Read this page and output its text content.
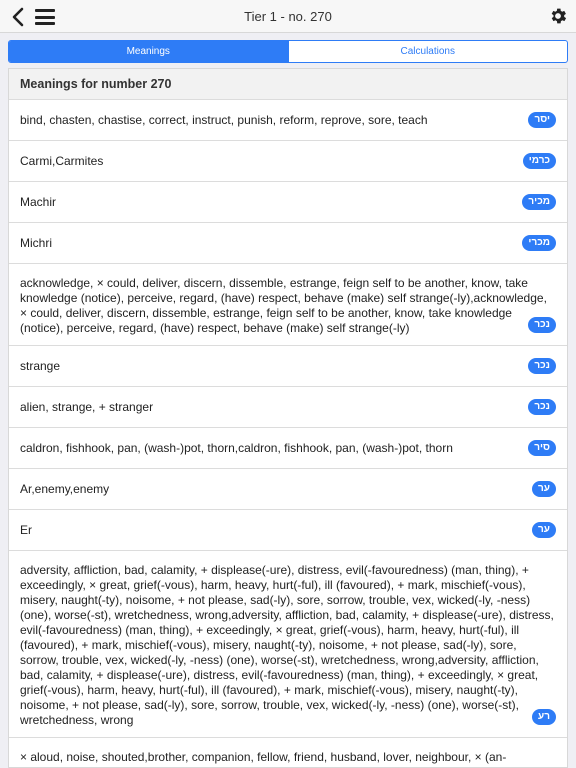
Tier 1 - no. 270
Meanings	Calculations
Meanings for number 270
bind, chasten, chastise, correct, instruct, punish, reform, reprove, sore, teach	יסר
Carmi,Carmites	כרמי
Machir	מכיר
Michri	מכרי
acknowledge, × could, deliver, discern, dissemble, estrange, feign self to be another, know, take knowledge (notice), perceive, regard, (have) respect, behave (make) self strange(-ly),acknowledge, × could, deliver, discern, dissemble, estrange, feign self to be another, know, take knowledge (notice), perceive, regard, (have) respect, behave (make) self strange(-ly)	נכר
strange	נכר
alien, strange, + stranger	נכר
caldron, fishhook, pan, (wash-)pot, thorn,caldron, fishhook, pan, (wash-)pot, thorn	סיר
Ar,enemy,enemy	ער
Er	ער
adversity, affliction, bad, calamity, + displease(-ure), distress, evil(-favouredness) (man, thing), + exceedingly, × great, grief(-vous), harm, heavy, hurt(-ful), ill (favoured), + mark, mischief(-vous), misery, naught(-ty), noisome, + not please, sad(-ly), sore, sorrow, trouble, vex, wicked(-ly, -ness) (one), worse(-st), wretchedness, wrong,adversity, affliction, bad, calamity, + displease(-ure), distress, evil(-favouredness) (man, thing), + exceedingly, × great, grief(-vous), harm, heavy, hurt(-ful), ill (favoured), + mark, mischief(-vous), misery, naught(-ty), noisome, + not please, sad(-ly), sore, sorrow, trouble, vex, wicked(-ly, -ness) (one), worse(-st), wretchedness, wrong,adversity, affliction, bad, calamity, + displease(-ure), distress, evil(-favouredness) (man, thing), + exceedingly, × great, grief(-vous), harm, heavy, hurt(-ful), ill (favoured), + mark, mischief(-vous), misery, naught(-ty), noisome, + not please, sad(-ly), sore, sorrow, trouble, vex, wicked(-ly, -ness) (one), worse(-st), wretchedness, wrong	רע
× aloud, noise, shouted,brother, companion, fellow, friend, husband, lover, neighbour, × (an-
